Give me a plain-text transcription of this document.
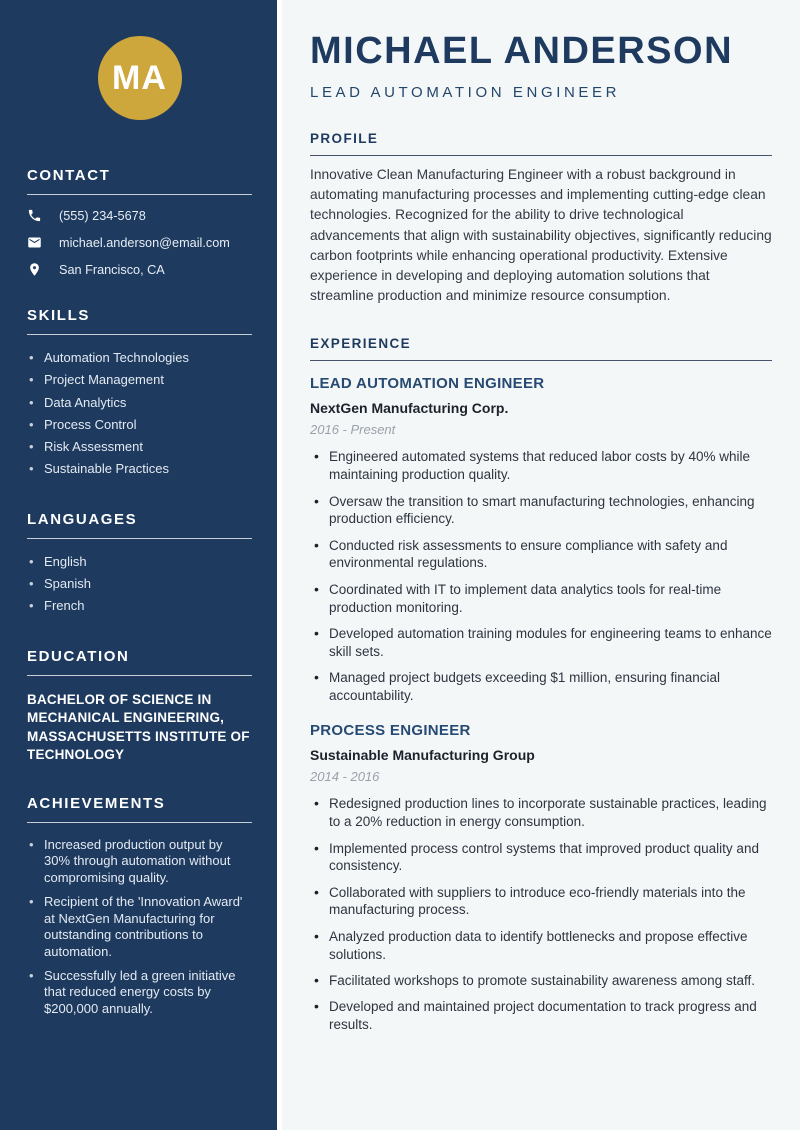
MA
CONTACT
(555) 234-5678
michael.anderson@email.com
San Francisco, CA
SKILLS
• Automation Technologies
• Project Management
• Data Analytics
• Process Control
• Risk Assessment
• Sustainable Practices
LANGUAGES
• English
• Spanish
• French
EDUCATION
BACHELOR OF SCIENCE IN MECHANICAL ENGINEERING, MASSACHUSETTS INSTITUTE OF TECHNOLOGY
ACHIEVEMENTS
• Increased production output by 30% through automation without compromising quality.
• Recipient of the 'Innovation Award' at NextGen Manufacturing for outstanding contributions to automation.
• Successfully led a green initiative that reduced energy costs by $200,000 annually.
MICHAEL ANDERSON
LEAD AUTOMATION ENGINEER
PROFILE

Innovative Clean Manufacturing Engineer with a robust background in automating manufacturing processes and implementing cutting-edge clean technologies. Recognized for the ability to drive technological advancements that align with sustainability objectives, significantly reducing carbon footprints while enhancing operational productivity. Extensive experience in developing and deploying automation solutions that streamline production and minimize resource consumption.

EXPERIENCE
LEAD AUTOMATION ENGINEER
NextGen Manufacturing Corp.
2016 - Present
• Engineered automated systems that reduced labor costs by 40% while maintaining production quality.
• Oversaw the transition to smart manufacturing technologies, enhancing production efficiency.
• Conducted risk assessments to ensure compliance with safety and environmental regulations.
• Coordinated with IT to implement data analytics tools for real-time production monitoring.
• Developed automation training modules for engineering teams to enhance skill sets.
• Managed project budgets exceeding $1 million, ensuring financial accountability.
PROCESS ENGINEER
Sustainable Manufacturing Group
2014 - 2016
• Redesigned production lines to incorporate sustainable practices, leading to a 20% reduction in energy consumption.
• Implemented process control systems that improved product quality and consistency.
• Collaborated with suppliers to introduce eco-friendly materials into the manufacturing process.
• Analyzed production data to identify bottlenecks and propose effective solutions.
• Facilitated workshops to promote sustainability awareness among staff.
• Developed and maintained project documentation to track progress and results.
